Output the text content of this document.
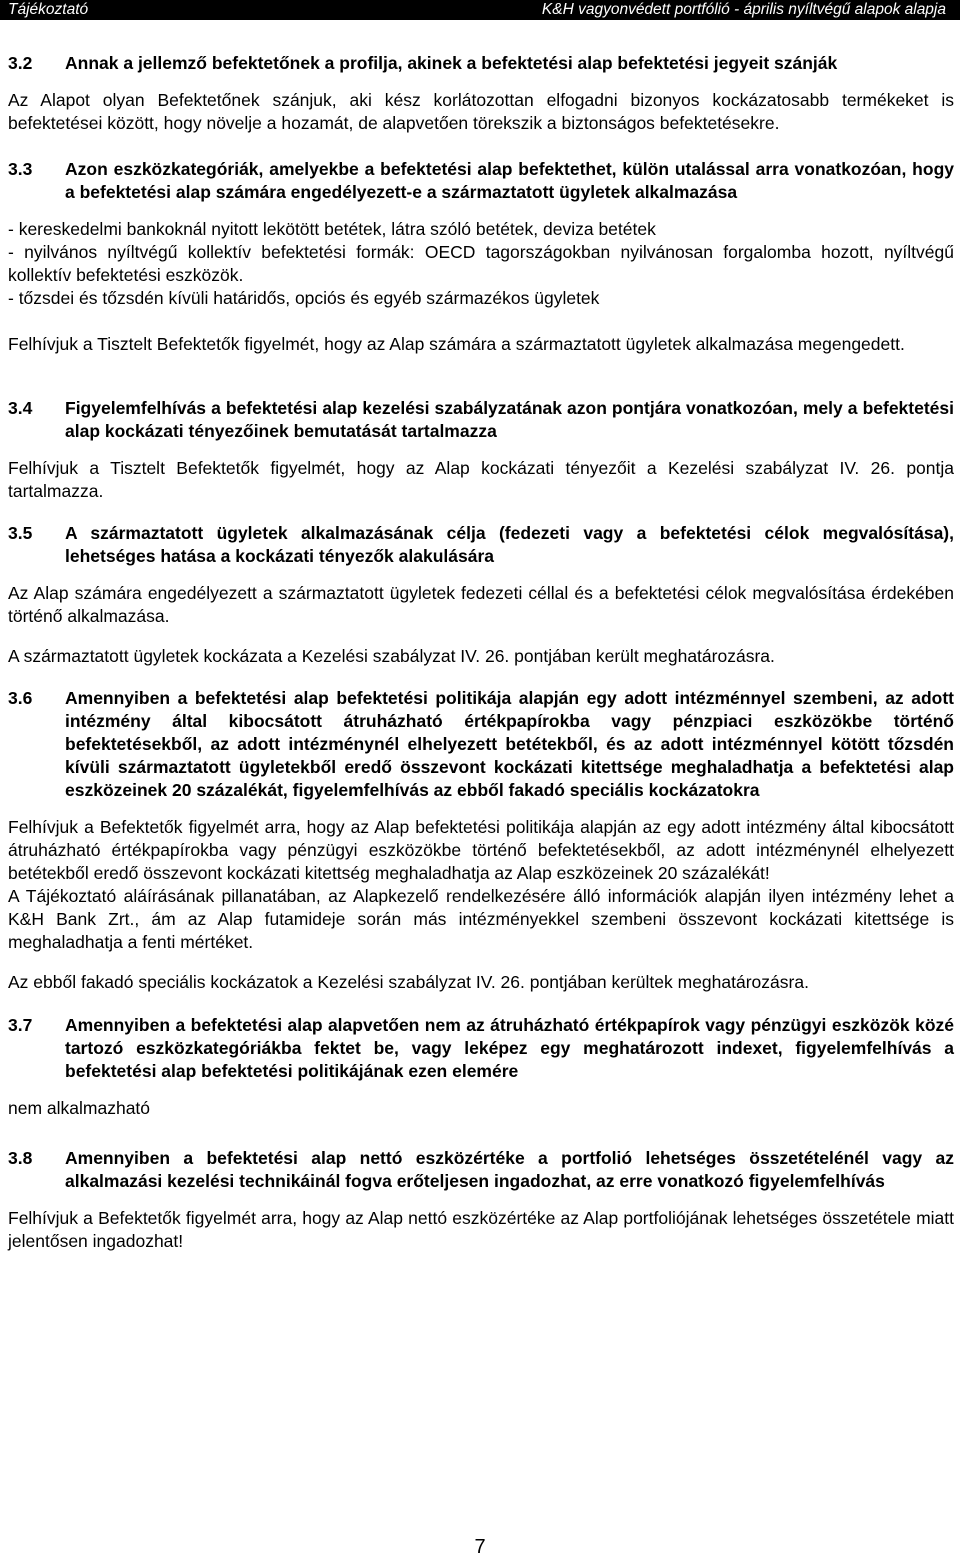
Tájékoztató	K&H vagyonvédett portfólió - április nyíltvégű alapok alapja
3.2	Annak a jellemző befektetőnek a profilja, akinek a befektetési alap befektetési jegyeit szánják

Az Alapot olyan Befektetőnek szánjuk, aki kész korlátozottan elfogadni bizonyos kockázatosabb termékeket is befektetései között, hogy növelje a hozamát, de alapvetően törekszik a biztonságos befektetésekre.

3.3	Azon eszközkategóriák, amelyekbe a befektetési alap befektethet, külön utalással arra vonatkozóan, hogy a befektetési alap számára engedélyezett-e a származtatott ügyletek alkalmazása

- kereskedelmi bankoknál nyitott lekötött betétek, látra szóló betétek, deviza betétek

- nyilvános nyíltvégű kollektív befektetési formák: OECD tagországokban nyilvánosan forgalomba hozott, nyíltvégű kollektív befektetési eszközök.

- tőzsdei és tőzsdén kívüli határidős, opciós és egyéb származékos ügyletek

Felhívjuk a Tisztelt Befektetők figyelmét, hogy az Alap számára a származtatott ügyletek alkalmazása megengedett.

3.4	Figyelemfelhívás a befektetési alap kezelési szabályzatának azon pontjára vonatkozóan, mely a befektetési alap kockázati tényezőinek bemutatását tartalmazza

Felhívjuk a Tisztelt Befektetők figyelmét, hogy az Alap kockázati tényezőit a Kezelési szabályzat IV. 26. pontja tartalmazza.

3.5	A származtatott ügyletek alkalmazásának célja (fedezeti vagy a befektetési célok megvalósítása), lehetséges hatása a kockázati tényezők alakulására

Az Alap számára engedélyezett a származtatott ügyletek fedezeti céllal és a befektetési célok megvalósítása érdekében történő alkalmazása.

A származtatott ügyletek kockázata a Kezelési szabályzat IV. 26. pontjában került meghatározásra.

3.6	Amennyiben a befektetési alap befektetési politikája alapján egy adott intézménnyel szembeni, az adott intézmény által kibocsátott átruházható értékpapírokba vagy pénzpiaci eszközökbe történő befektetésekből, az adott intézménynél elhelyezett betétekből, és az adott intézménnyel kötött tőzsdén kívüli származtatott ügyletekből eredő összevont kockázati kitettsége meghaladhatja a befektetési alap eszközeinek 20 százalékát, figyelemfelhívás az ebből fakadó speciális kockázatokra

Felhívjuk a Befektetők figyelmét arra, hogy az Alap befektetési politikája alapján az egy adott intézmény által kibocsátott átruházható értékpapírokba vagy pénzügyi eszközökbe történő befektetésekből, az adott intézménynél elhelyezett betétekből eredő összevont kockázati kitettség meghaladhatja az Alap eszközeinek 20 százalékát!

A Tájékoztató aláírásának pillanatában, az Alapkezelő rendelkezésére álló információk alapján ilyen intézmény lehet a K&H Bank Zrt., ám az Alap futamideje során más intézményekkel szembeni összevont kockázati kitettsége is meghaladhatja a fenti mértéket.

Az ebből fakadó speciális kockázatok a Kezelési szabályzat IV. 26. pontjában kerültek meghatározásra.

3.7	Amennyiben a befektetési alap alapvetően nem az átruházható értékpapírok vagy pénzügyi eszközök közé tartozó eszközkategóriákba fektet be, vagy leképez egy meghatározott indexet, figyelemfelhívás a befektetési alap befektetési politikájának ezen elemére

nem alkalmazható

3.8	Amennyiben a befektetési alap nettó eszközértéke a portfolió lehetséges összetételénél vagy az alkalmazási kezelési technikáinál fogva erőteljesen ingadozhat, az erre vonatkozó figyelemfelhívás

Felhívjuk a Befektetők figyelmét arra, hogy az Alap nettó eszközértéke az Alap portfoliójának lehetséges összetétele miatt jelentősen ingadozhat!

7
